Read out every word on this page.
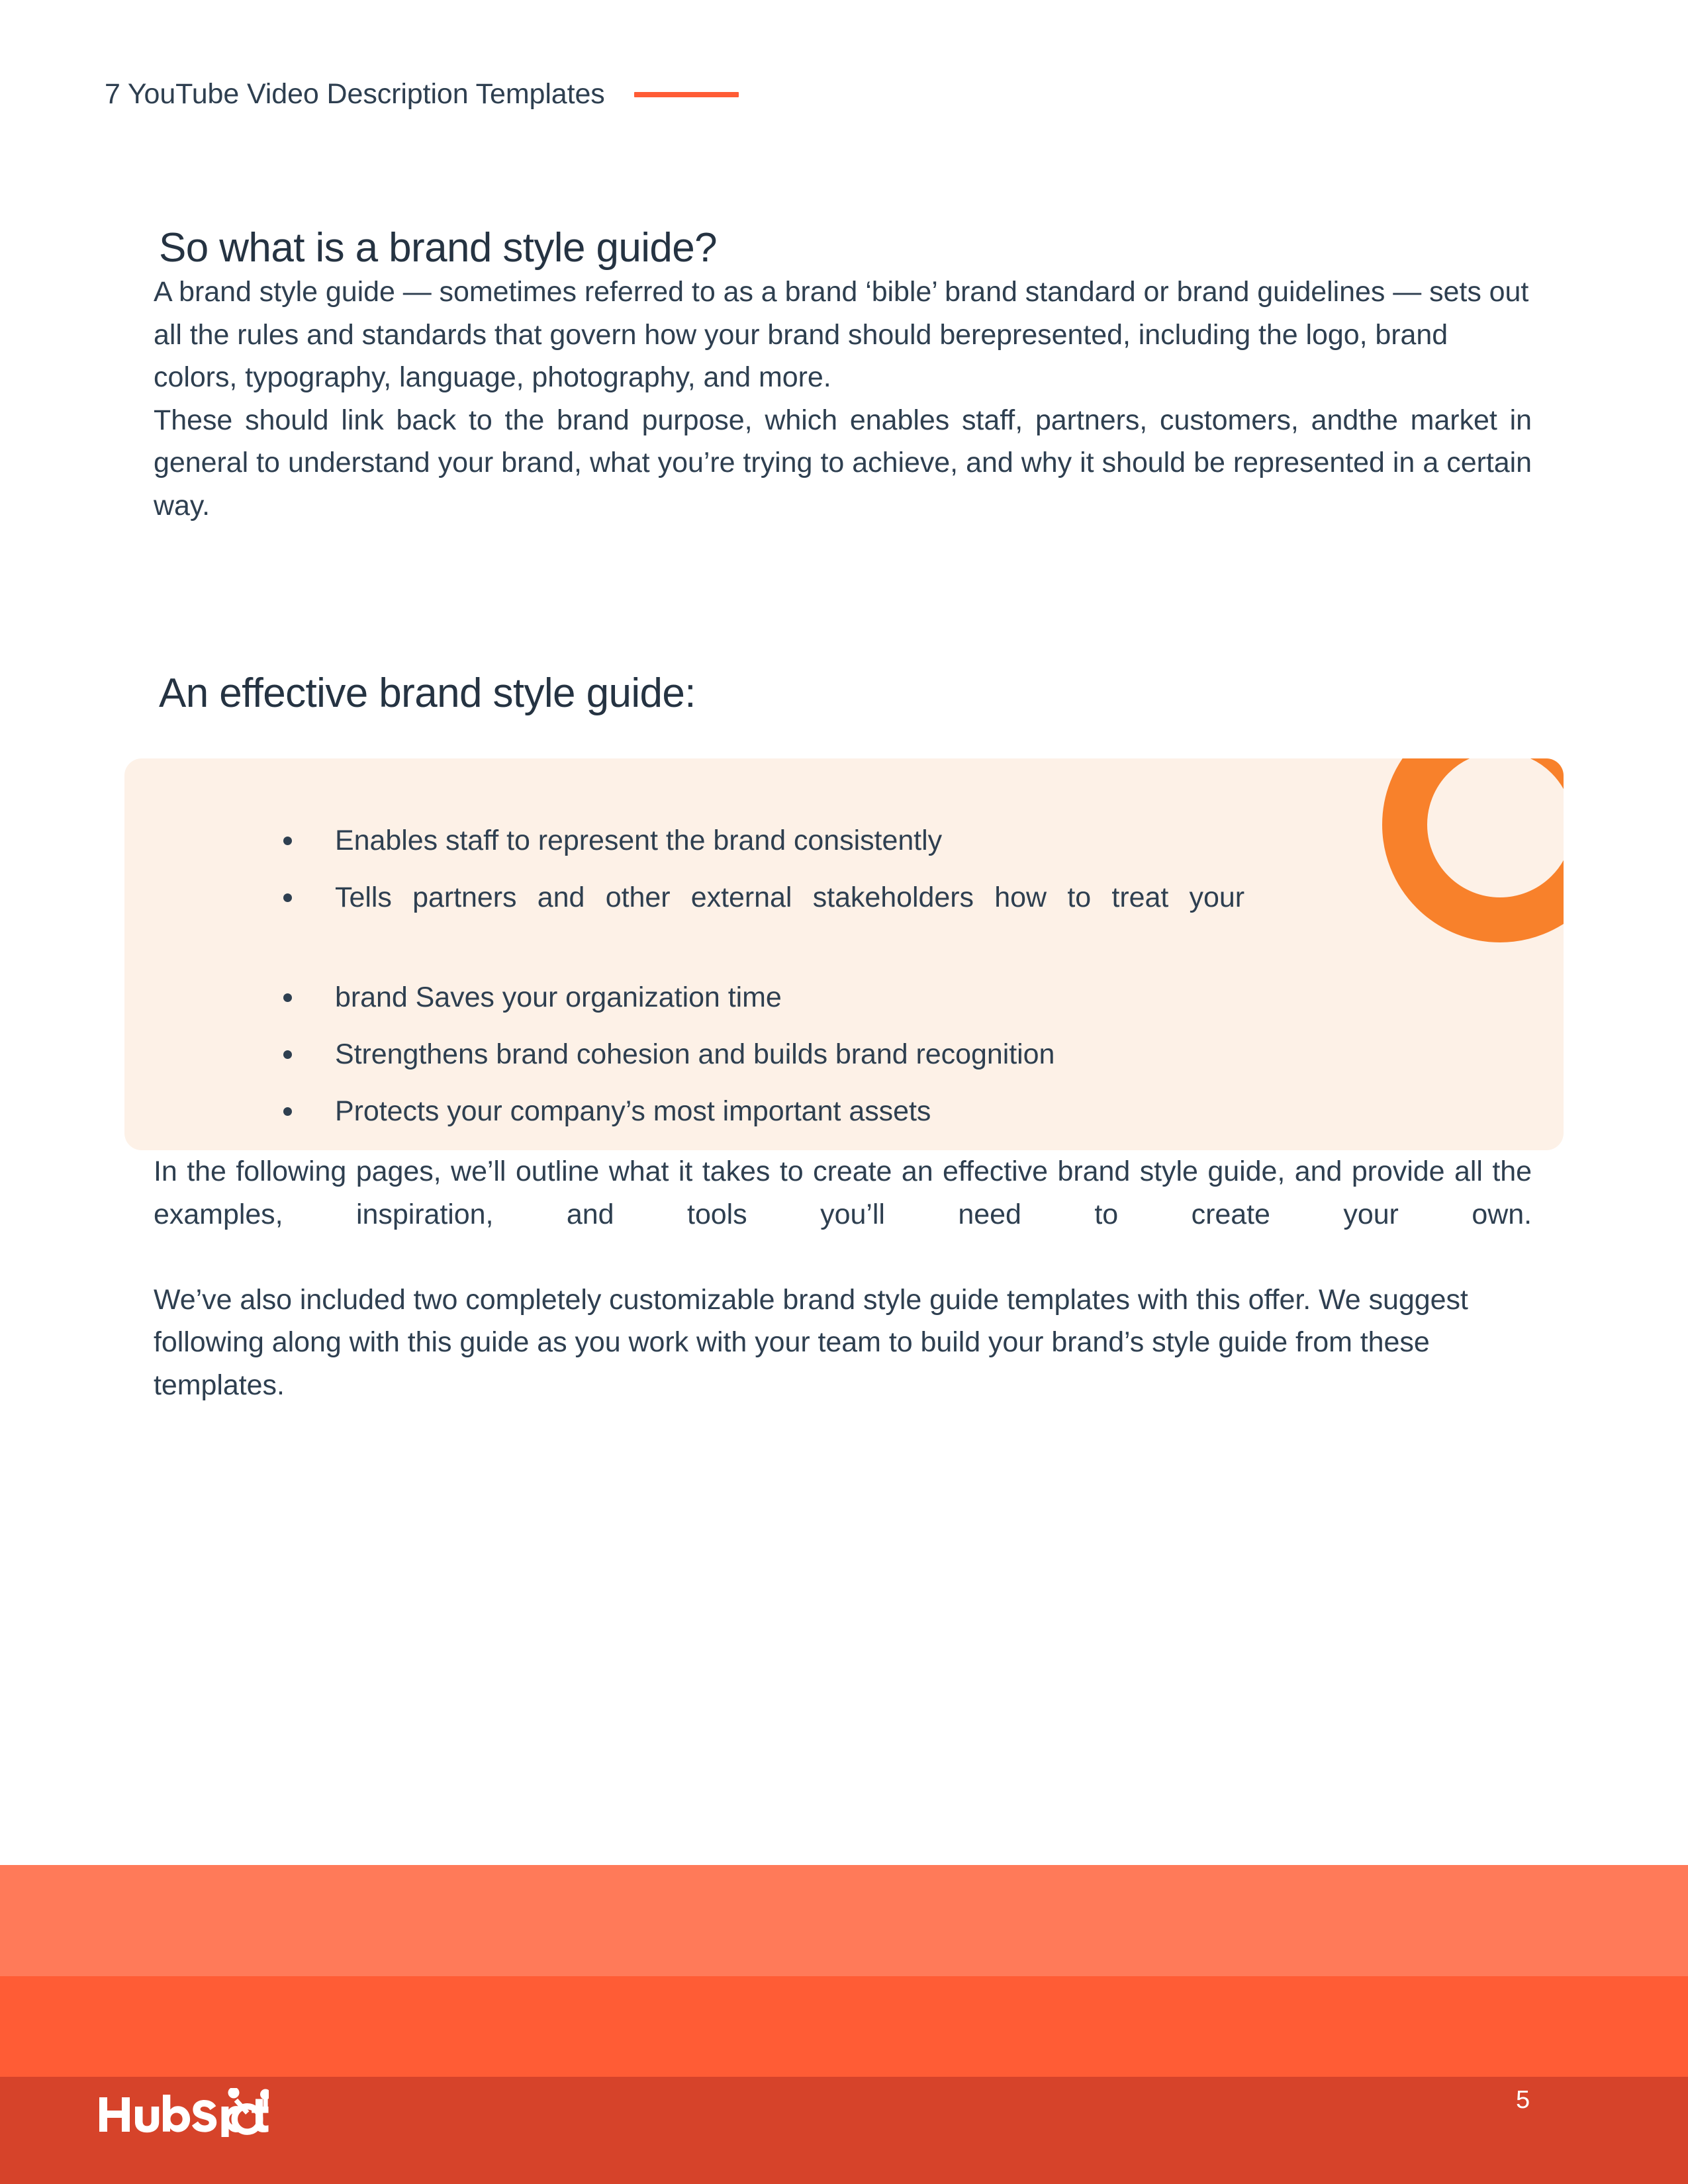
7 YouTube Video Description Templates
So what is a brand style guide?

A brand style guide — sometimes referred to as a brand ‘bible’ brand standard or brand guidelines — sets out all the rules and standards that govern how your brand should berepresented, including the logo, brand colors, typography, language, photography, and more.

These should link back to the brand purpose, which enables staff, partners, customers, andthe market in general to understand your brand, what you’re trying to achieve, and why it should be represented in a certain way.

An effective brand style guide:
Enables staff to represent the brand consistently
Tells partners and other external stakeholders how to treat your
brand Saves your organization time
Strengthens brand cohesion and builds brand recognition
Protects your company’s most important assets

In the following pages, we’ll outline what it takes to create an effective brand style guide, and provide all the examples, inspiration, and tools you’ll need to create your own.

We’ve also included two completely customizable brand style guide templates with this offer. We suggest following along with this guide as you work with your team to build your brand’s style guide from these templates.

5
